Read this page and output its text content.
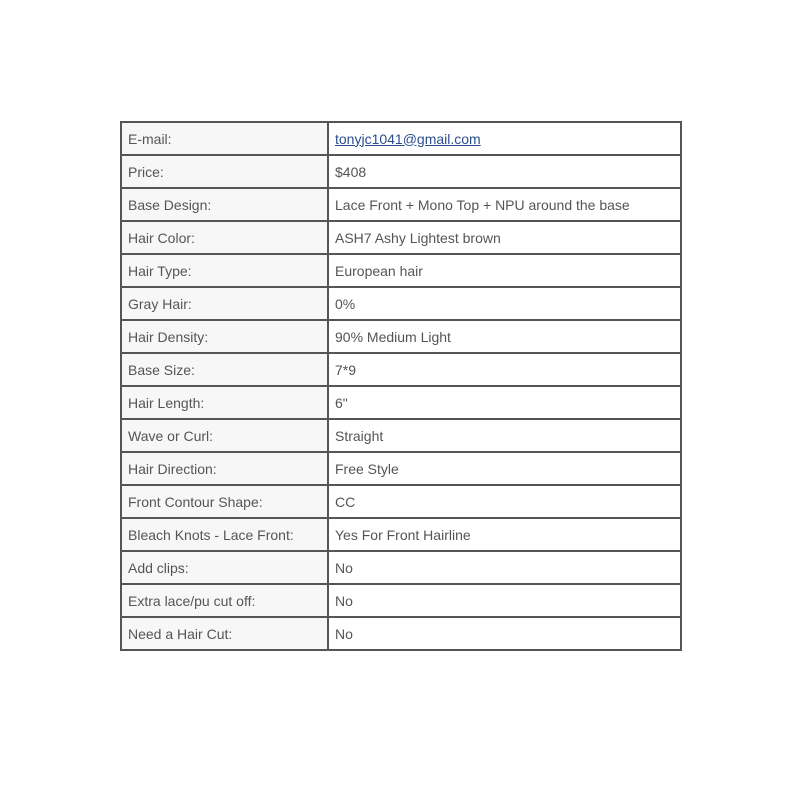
E-mail:	tonyjc1041@gmail.com
Price:	$408
Base Design:	Lace Front + Mono Top + NPU around the base
Hair Color:	ASH7 Ashy Lightest brown
Hair Type:	European hair
Gray Hair:	0%
Hair Density:	90% Medium Light
Base Size:	7*9
Hair Length:	6"
Wave or Curl:	Straight
Hair Direction:	Free Style
Front Contour Shape:	CC
Bleach Knots - Lace Front:	Yes For Front Hairline
Add clips:	No
Extra lace/pu cut off:	No
Need a Hair Cut:	No
